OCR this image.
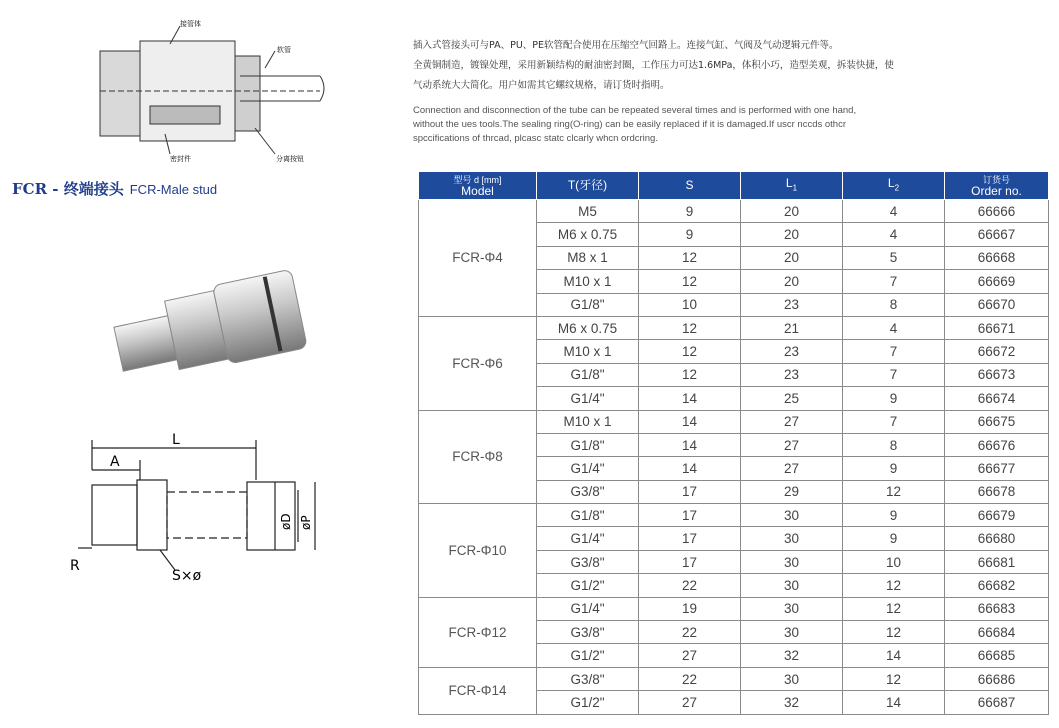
接管体
软管
密封件	分离按钮
FCR - 终端接头 FCR-Male stud
L
A
R
S×ø
øD øP
插入式管接头可与PA、PU、PE软管配合使用在压缩空气回路上。连接气缸、气阀及气动逻辑元件等。
全黄铜制造，镀镍处理，采用新颖结构的耐油密封圈，工作压力可达1.6MPa，体积小巧，造型美观，拆装快捷，使
气动系统大大简化。用户如需其它螺纹规格，请订货时指明。
Connection and disconnection of the tube can be repeated several times and is performed with one hand,
without the ues tools.The sealing ring(O-ring) can be easily replaced if it is damaged.If uscr nccds othcr
spccifications of thrcad, plcasc statc clcarly whcn ordcring.
型号 d [mm]
Model	T(牙径)	S	$L_1$	$L_2$	订货号
Order no.
FCR-Φ4	M5	9	20	4	66666
	M6 x 0.75	9	20	4	66667
	M8 x 1	12	20	5	66668
	M10 x 1	12	20	7	66669
	G1/8"	10	23	8	66670
FCR-Φ6	M6 x 0.75	12	21	4	66671
	M10 x 1	12	23	7	66672
	G1/8"	12	23	7	66673
	G1/4"	14	25	9	66674
FCR-Φ8	M10 x 1	14	27	7	66675
	G1/8"	14	27	8	66676
	G1/4"	14	27	9	66677
	G3/8"	17	29	12	66678
FCR-Φ10	G1/8"	17	30	9	66679
	G1/4"	17	30	9	66680
	G3/8"	17	30	10	66681
	G1/2"	22	30	12	66682
FCR-Φ12	G1/4"	19	30	12	66683
	G3/8"	22	30	12	66684
	G1/2"	27	32	14	66685
FCR-Φ14	G3/8"	22	30	12	66686
	G1/2"	27	32	14	66687
